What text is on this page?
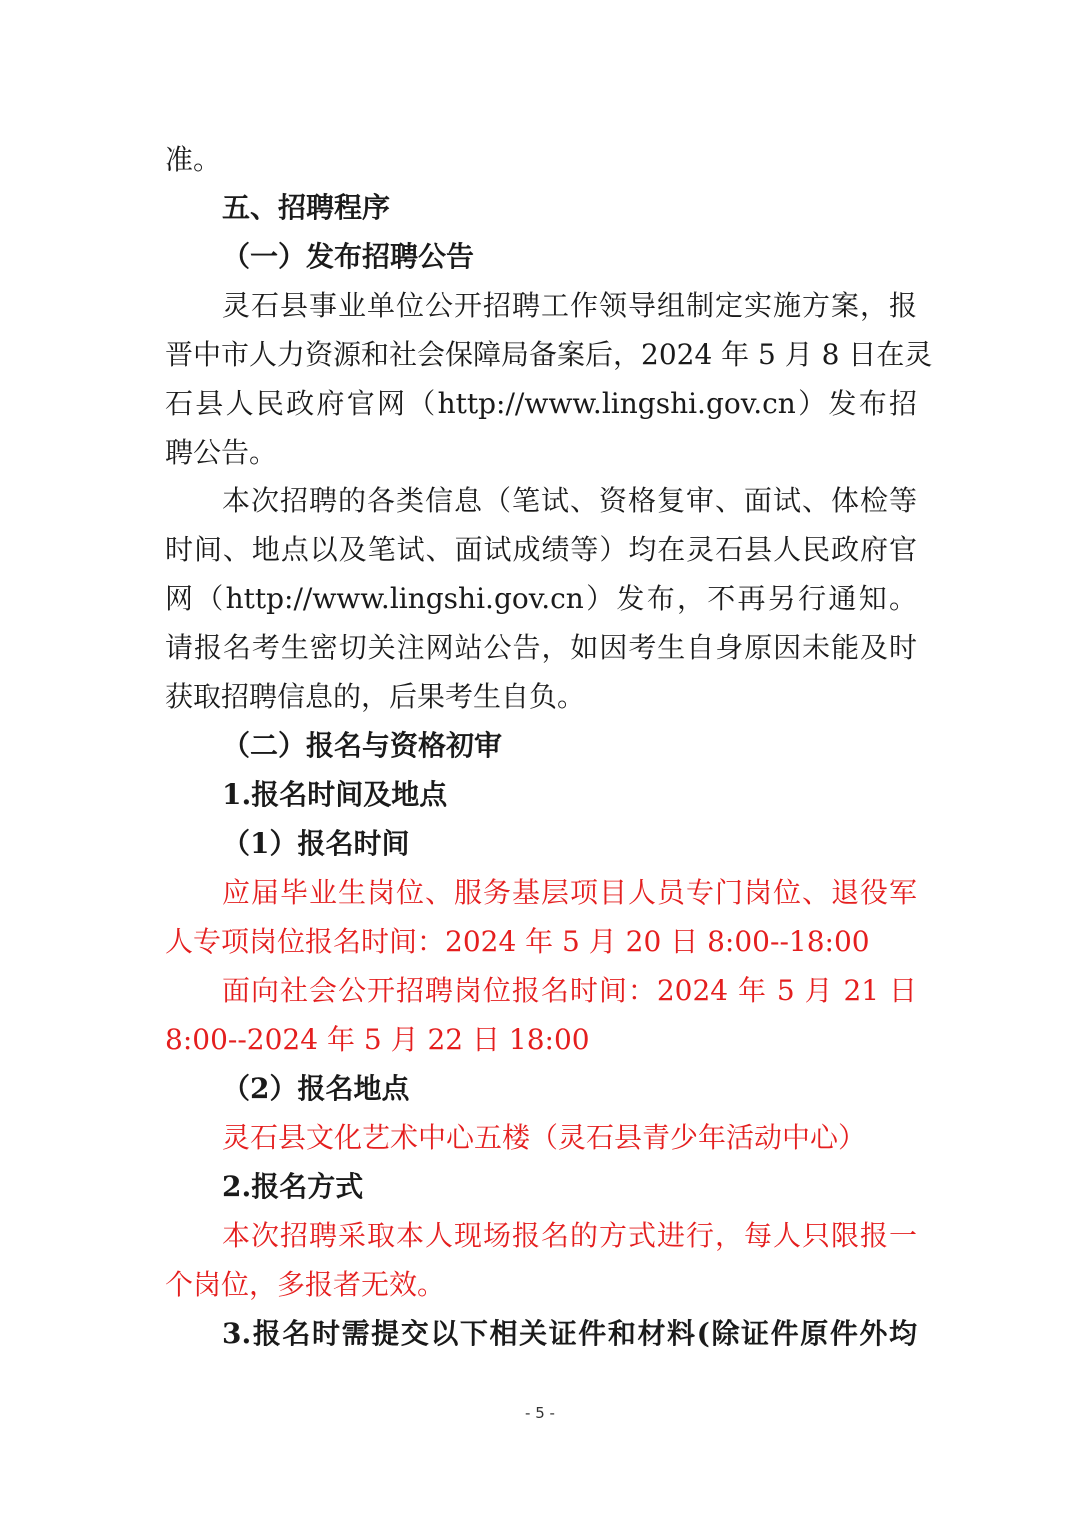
准。
五、招聘程序
（一）发布招聘公告
灵石县事业单位公开招聘工作领导组制定实施方案，报
晋中市人力资源和社会保障局备案后，2024 年 5 月 8 日在灵
石县人民政府官网（http://www.lingshi.gov.cn）发布招
聘公告。
本次招聘的各类信息（笔试、资格复审、面试、体检等
时间、地点以及笔试、面试成绩等）均在灵石县人民政府官
网（http://www.lingshi.gov.cn）发布，不再另行通知。
请报名考生密切关注网站公告，如因考生自身原因未能及时
获取招聘信息的，后果考生自负。
（二）报名与资格初审
1.报名时间及地点
（1）报名时间
应届毕业生岗位、服务基层项目人员专门岗位、退役军
人专项岗位报名时间：2024 年 5 月 20 日 8:00--18:00
面向社会公开招聘岗位报名时间：2024 年 5 月 21 日
8:00--2024 年 5 月 22 日 18:00
（2）报名地点
灵石县文化艺术中心五楼（灵石县青少年活动中心）
2.报名方式
本次招聘采取本人现场报名的方式进行，每人只限报一
个岗位，多报者无效。
3.报名时需提交以下相关证件和材料(除证件原件外均
- 5 -
